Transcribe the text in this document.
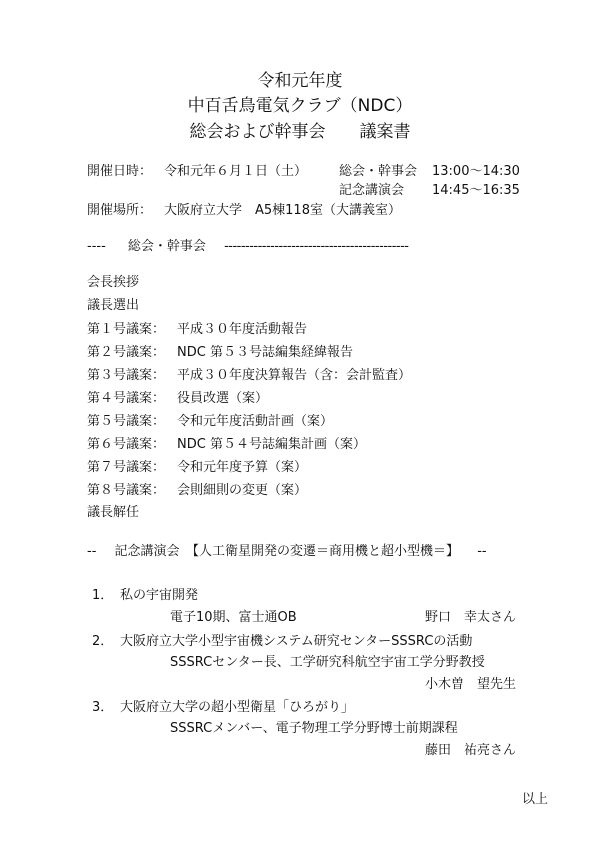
令和元年度
中百舌鳥電気クラブ（NDC）
総会および幹事会　　議案書
開催日時： 令和元年６月１日（土） 総会・幹事会 13:00～14:30
記念講演会 14:45～16:35
開催場所： 大阪府立大学　A5棟118室（大講義室）
---- 総会・幹事会 --------------------------------------------
会長挨拶
議長選出
第１号議案： 平成３０年度活動報告
第２号議案： NDC 第５３号誌編集経緯報告
第３号議案： 平成３０年度決算報告（含：会計監査）
第４号議案： 役員改選（案）
第５号議案： 令和元年度活動計画（案）
第６号議案： NDC 第５４号誌編集計画（案）
第７号議案： 令和元年度予算（案）
第８号議案： 会則細則の変更（案）
議長解任
-- 記念講演会　【人工衛星開発の変遷＝商用機と超小型機＝】 --
1． 私の宇宙開発
電子10期、富士通OB	野口　幸太さん
2． 大阪府立大学小型宇宙機システム研究センターSSSRCの活動
SSSRCセンター長、工学研究科航空宇宙工学分野教授
小木曽　望先生
3． 大阪府立大学の超小型衛星「ひろがり」
SSSRCメンバー、電子物理工学分野博士前期課程
藤田　祐亮さん
以上
